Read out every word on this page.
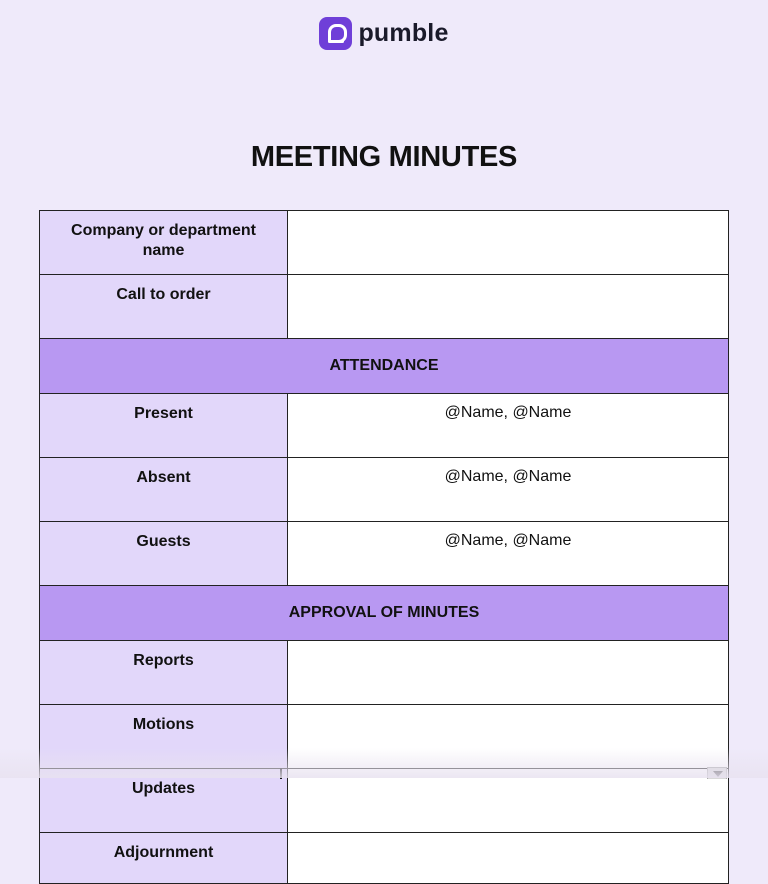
pumble
MEETING MINUTES
Company or department name	
Call to order	
ATTENDANCE	
Present	@Name, @Name
Absent	@Name, @Name
Guests	@Name, @Name
APPROVAL OF MINUTES	
Reports	
Motions	
Updates	
Adjournment	
